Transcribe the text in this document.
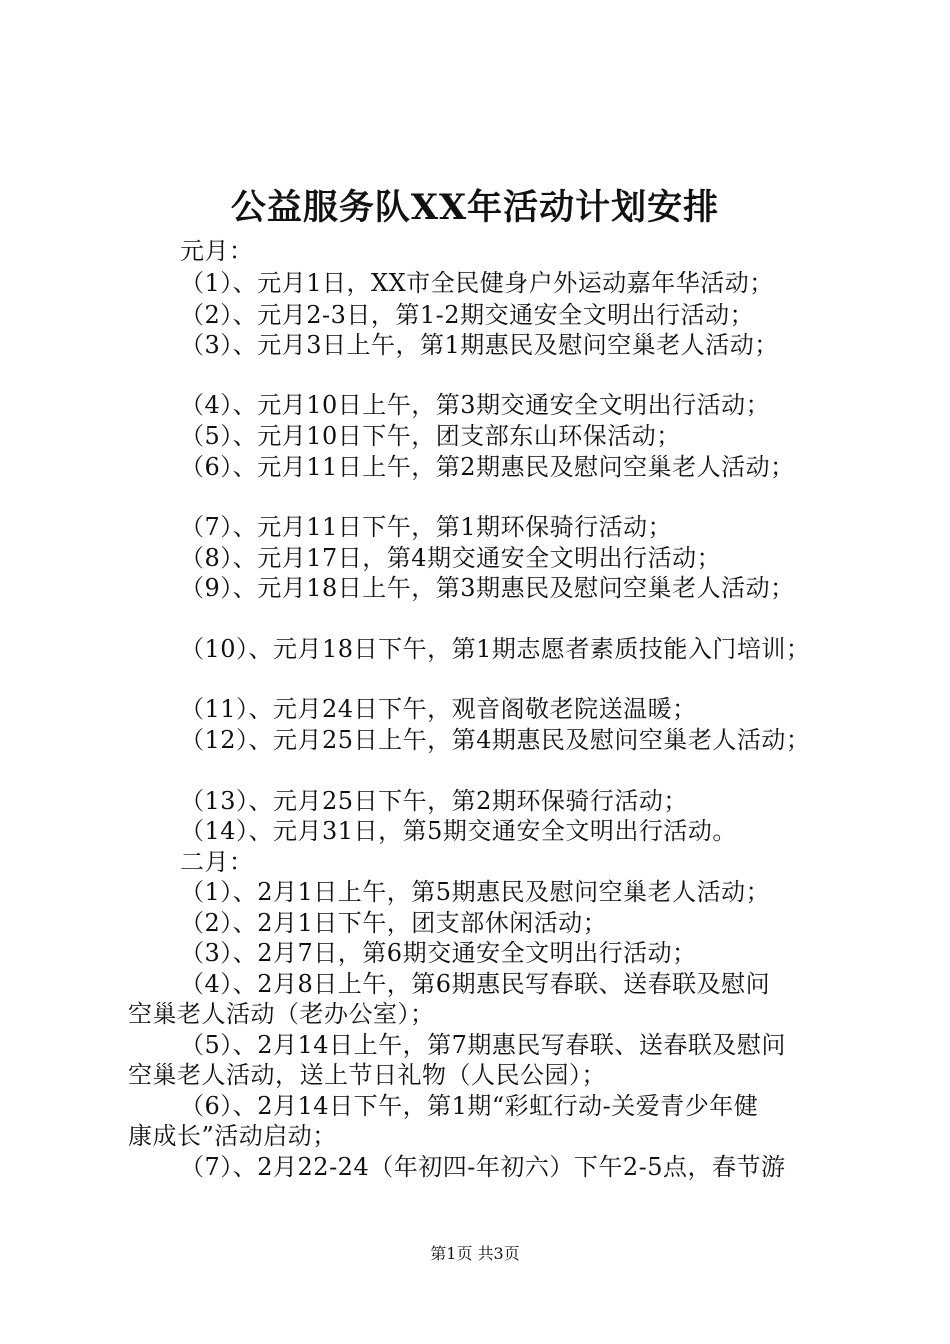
公益服务队XX年活动计划安排
元月：
（1）、元月1日，XX市全民健身户外运动嘉年华活动；
（2）、元月2-3日，第1-2期交通安全文明出行活动；
（3）、元月3日上午，第1期惠民及慰问空巢老人活动；
（4）、元月10日上午，第3期交通安全文明出行活动；
（5）、元月10日下午，团支部东山环保活动；
（6）、元月11日上午，第2期惠民及慰问空巢老人活动；
（7）、元月11日下午，第1期环保骑行活动；
（8）、元月17日，第4期交通安全文明出行活动；
（9）、元月18日上午，第3期惠民及慰问空巢老人活动；
（10）、元月18日下午，第1期志愿者素质技能入门培训；
（11）、元月24日下午，观音阁敬老院送温暖；
（12）、元月25日上午，第4期惠民及慰问空巢老人活动；
（13）、元月25日下午，第2期环保骑行活动；
（14）、元月31日，第5期交通安全文明出行活动。
二月：
（1）、2月1日上午，第5期惠民及慰问空巢老人活动；
（2）、2月1日下午，团支部休闲活动；
（3）、2月7日，第6期交通安全文明出行活动；
（4）、2月8日上午，第6期惠民写春联、送春联及慰问
空巢老人活动（老办公室）；
（5）、2月14日上午，第7期惠民写春联、送春联及慰问
空巢老人活动，送上节日礼物（人民公园）；
（6）、2月14日下午，第1期“彩虹行动-关爱青少年健
康成长”活动启动；
（7）、2月22-24（年初四-年初六）下午2-5点，春节游
第1页 共3页
